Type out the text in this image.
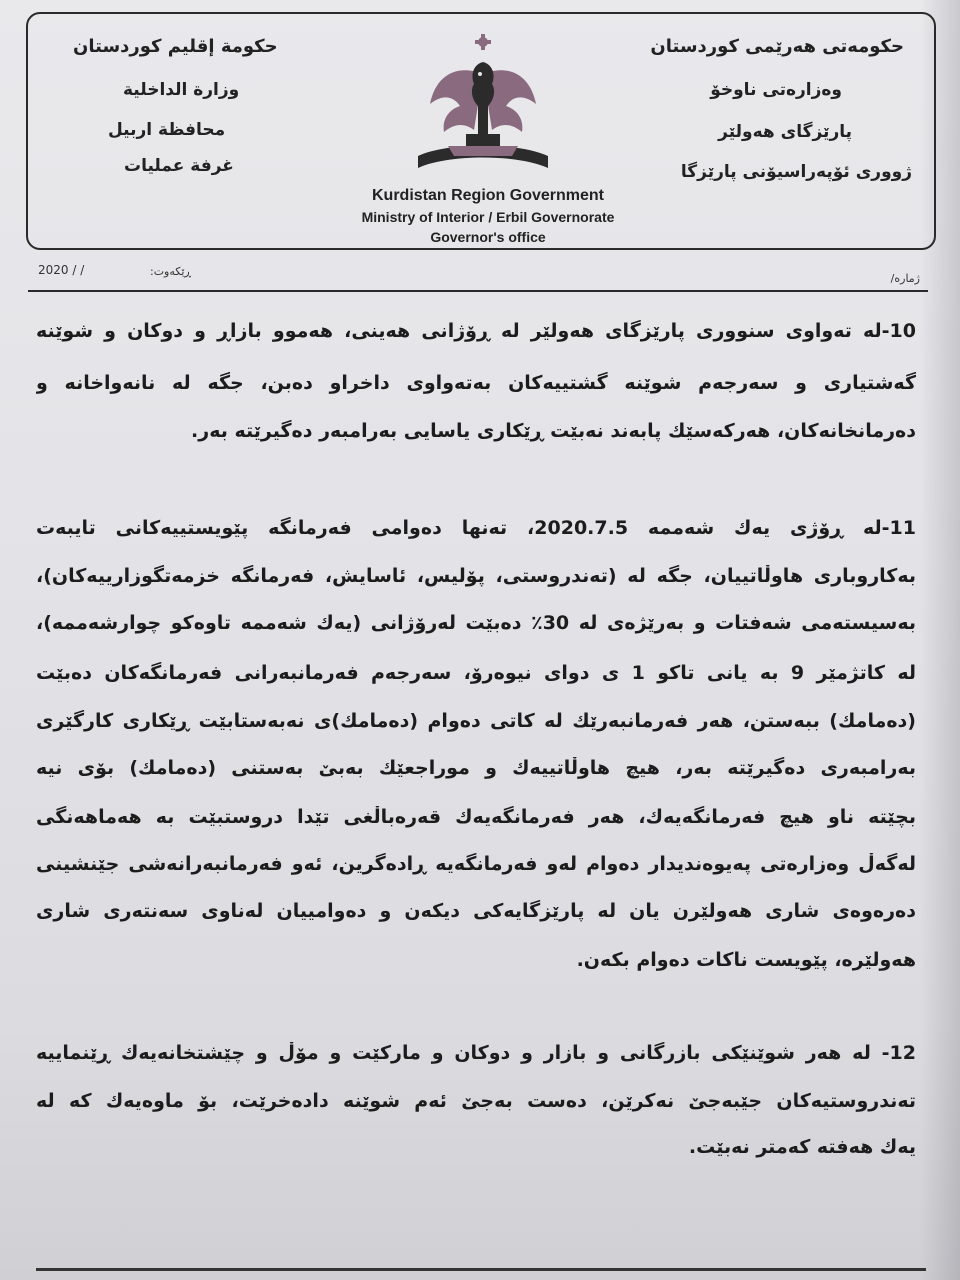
حکومەتی هەرێمی کوردستان
وەزارەتی ناوخۆ
پارێزگای هەولێر
ژووری ئۆپەراسیۆنی پارێزگا
حكومة إقليم كوردستان
وزارة الداخلية
محافظة اربيل
غرفة عمليات
Kurdistan Region Government
Ministry of Interior / Erbil Governorate
Governor's office
ژمارە/
ڕێکەوت:
2020 / /
10-لە تەواوی سنووری پارێزگای هەولێر لە ڕۆژانی هەینی، هەموو بازاڕ و دوکان و شوێنە
گەشتیاری و سەرجەم شوێنە گشتییەکان بەتەواوی داخراو دەبن، جگە لە نانەواخانە و
دەرمانخانەکان، هەرکەسێك پابەند نەبێت ڕێکاری یاسایی بەرامبەر دەگیرێتە بەر.
11-لە ڕۆژی یەك شەممە 2020.7.5، تەنها دەوامی فەرمانگە پێویستییەکانی تایبەت
بەکاروباری هاوڵاتییان، جگە لە (تەندروستی، پۆلیس، ئاسایش، فەرمانگە خزمەتگوزارییەکان)،
بەسیستەمی شەفتات و بەرێژەی لە 30٪ دەبێت لەرۆژانی (یەك شەممە تاوەکو چوارشەممە)،
لە کاتژمێر 9 بە یانی تاکو 1 ی دوای نیوەرۆ، سەرجەم فەرمانبەرانی فەرمانگەکان دەبێت
(دەمامك) ببەستن، هەر فەرمانبەرێك لە کاتی دەوام (دەمامك)ی نەبەستابێت ڕێکاری کارگێری
بەرامبەری دەگیرێتە بەر، هیچ هاوڵاتییەك و موراجعێك بەبێ بەستنی (دەمامك) بۆی نیە
بچێتە ناو هیچ فەرمانگەیەك، هەر فەرمانگەیەك قەرەباڵغی تێدا دروستبێت بە هەماهەنگی
لەگەڵ وەزارەتی پەیوەندیدار دەوام لەو فەرمانگەیە ڕادەگرین، ئەو فەرمانبەرانەشی جێنشینی
دەرەوەی شاری هەولێرن یان لە پارێزگایەکی دیکەن و دەوامییان لەناوی سەنتەری شاری
هەولێرە، پێویست ناکات دەوام بکەن.
12- لە هەر شوێنێکی بازرگانی و بازار و دوکان و مارکێت و مۆڵ و چێشتخانەیەك ڕێنماییە
تەندروستیەکان جێبەجێ نەکرێن، دەست بەجێ ئەم شوێنە دادەخرێت، بۆ ماوەیەك کە لە
یەك هەفتە کەمتر نەبێت.
